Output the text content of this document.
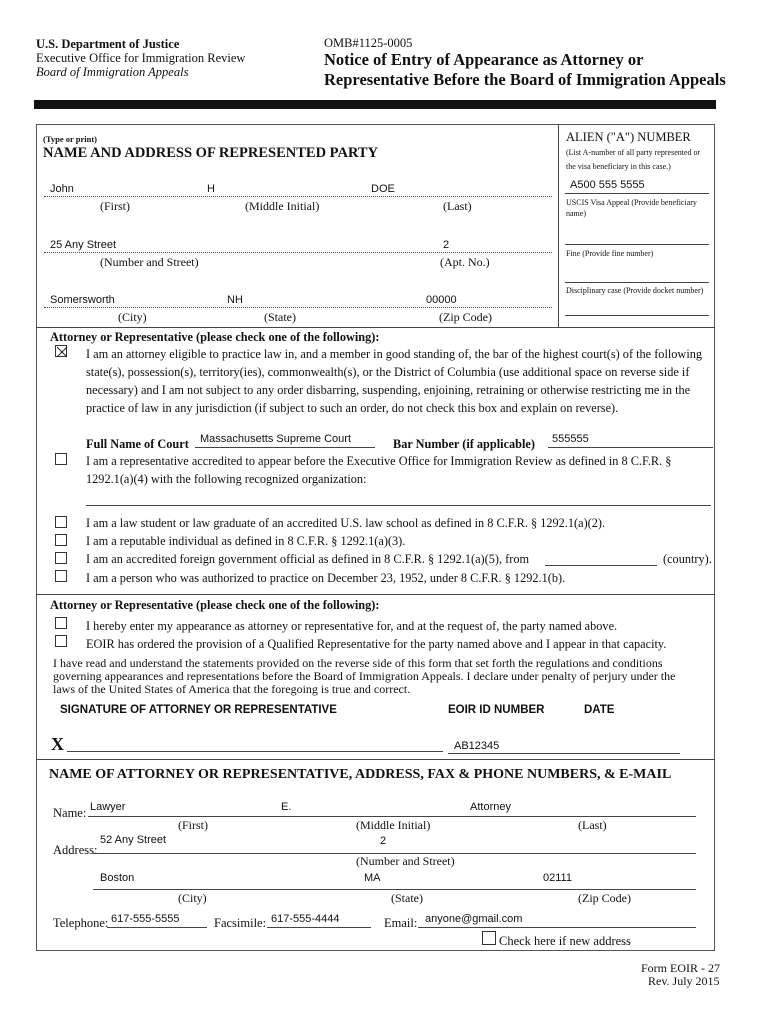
U.S. Department of Justice
Executive Office for Immigration Review
Board of Immigration Appeals
OMB#1125-0005
Notice of Entry of Appearance as Attorney or
Representative Before the Board of Immigration Appeals
(Type or print)
NAME AND ADDRESS OF REPRESENTED PARTY
John	H	DOE
(First)	(Middle Initial)	(Last)
25 Any Street	2
(Number and Street)	(Apt. No.)
Somersworth	NH	00000
(City)	(State)	(Zip Code)
ALIEN ("A") NUMBER
(List A-number of all party represented or
the visa beneficiary in this case.)
A500 555 5555
USCIS Visa Appeal (Provide beneficiary
name)
Fine (Provide fine number)
Disciplinary case (Provide docket number)
Attorney or Representative (please check one of the following):
I am an attorney eligible to practice law in, and a member in good standing of, the bar of the highest court(s) of the following
state(s), possession(s), territory(ies), commonwealth(s), or the District of Columbia (use additional space on reverse side if
necessary) and I am not subject to any order disbarring, suspending, enjoining, retraining or otherwise restricting me in the
practice of law in any jurisdiction (if subject to such an order, do not check this box and explain on reverse).
Full Name of Court Massachusetts Supreme Court	Bar Number (if applicable) 555555
I am a representative accredited to appear before the Executive Office for Immigration Review as defined in 8 C.F.R. §
1292.1(a)(4) with the following recognized organization:
I am a law student or law graduate of an accredited U.S. law school as defined in 8 C.F.R. § 1292.1(a)(2).
I am a reputable individual as defined in 8 C.F.R. § 1292.1(a)(3).
I am an accredited foreign government official as defined in 8 C.F.R. § 1292.1(a)(5), from	(country).
I am a person who was authorized to practice on December 23, 1952, under 8 C.F.R. § 1292.1(b).
Attorney or Representative (please check one of the following):
I hereby enter my appearance as attorney or representative for, and at the request of, the party named above.
EOIR has ordered the provision of a Qualified Representative for the party named above and I appear in that capacity.
I have read and understand the statements provided on the reverse side of this form that set forth the regulations and conditions
governing appearances and representations before the Board of Immigration Appeals. I declare under penalty of perjury under the
laws of the United States of America that the foregoing is true and correct.
SIGNATURE OF ATTORNEY OR REPRESENTATIVE	EOIR ID NUMBER	DATE
X	AB12345
NAME OF ATTORNEY OR REPRESENTATIVE, ADDRESS, FAX & PHONE NUMBERS, & E-MAIL
Name: Lawyer	E.	Attorney
(First)	(Middle Initial)	(Last)
Address:
52 Any Street	2
(Number and Street)
Boston	MA	02111
(City)	(State)	(Zip Code)
Telephone: 617-555-5555	Facsimile: 617-555-4444	Email: anyone@gmail.com
Check here if new address
Form EOIR - 27
Rev. July 2015
